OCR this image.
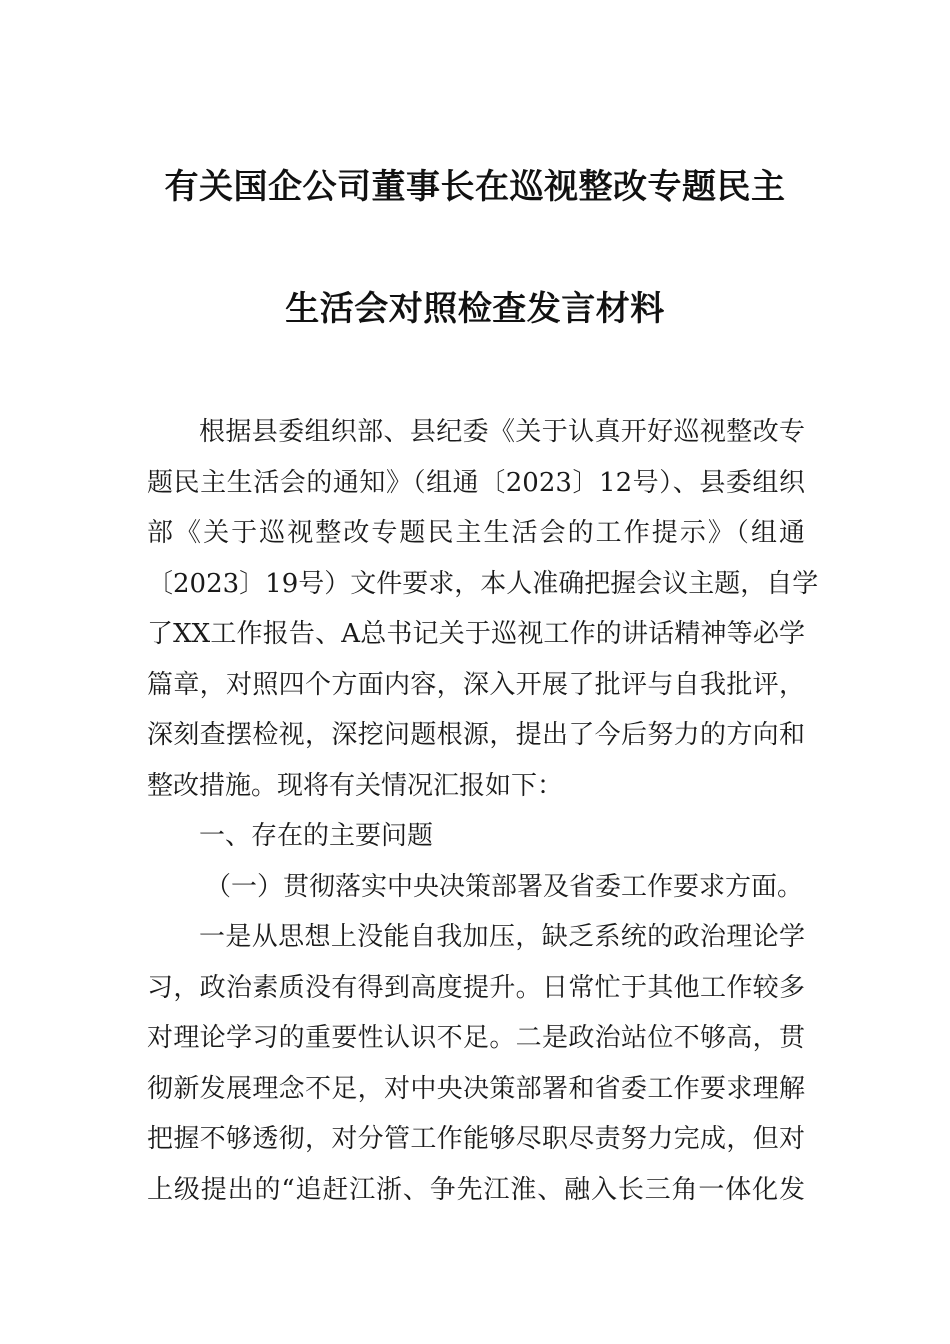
有关国企公司董事长在巡视整改专题民主
生活会对照检查发言材料
根据县委组织部、县纪委《关于认真开好巡视整改专
题民主生活会的通知》（组通〔2023〕12号）、县委组织
部《关于巡视整改专题民主生活会的工作提示》（组通
〔2023〕19号）文件要求，本人准确把握会议主题，自学
了XX工作报告、A总书记关于巡视工作的讲话精神等必学
篇章，对照四个方面内容，深入开展了批评与自我批评，
深刻查摆检视，深挖问题根源，提出了今后努力的方向和
整改措施。现将有关情况汇报如下：
一、存在的主要问题
（一）贯彻落实中央决策部署及省委工作要求方面。
一是从思想上没能自我加压，缺乏系统的政治理论学
习，政治素质没有得到高度提升。日常忙于其他工作较多
对理论学习的重要性认识不足。二是政治站位不够高，贯
彻新发展理念不足，对中央决策部署和省委工作要求理解
把握不够透彻，对分管工作能够尽职尽责努力完成，但对
上级提出的“追赶江浙、争先江淮、融入长三角一体化发
